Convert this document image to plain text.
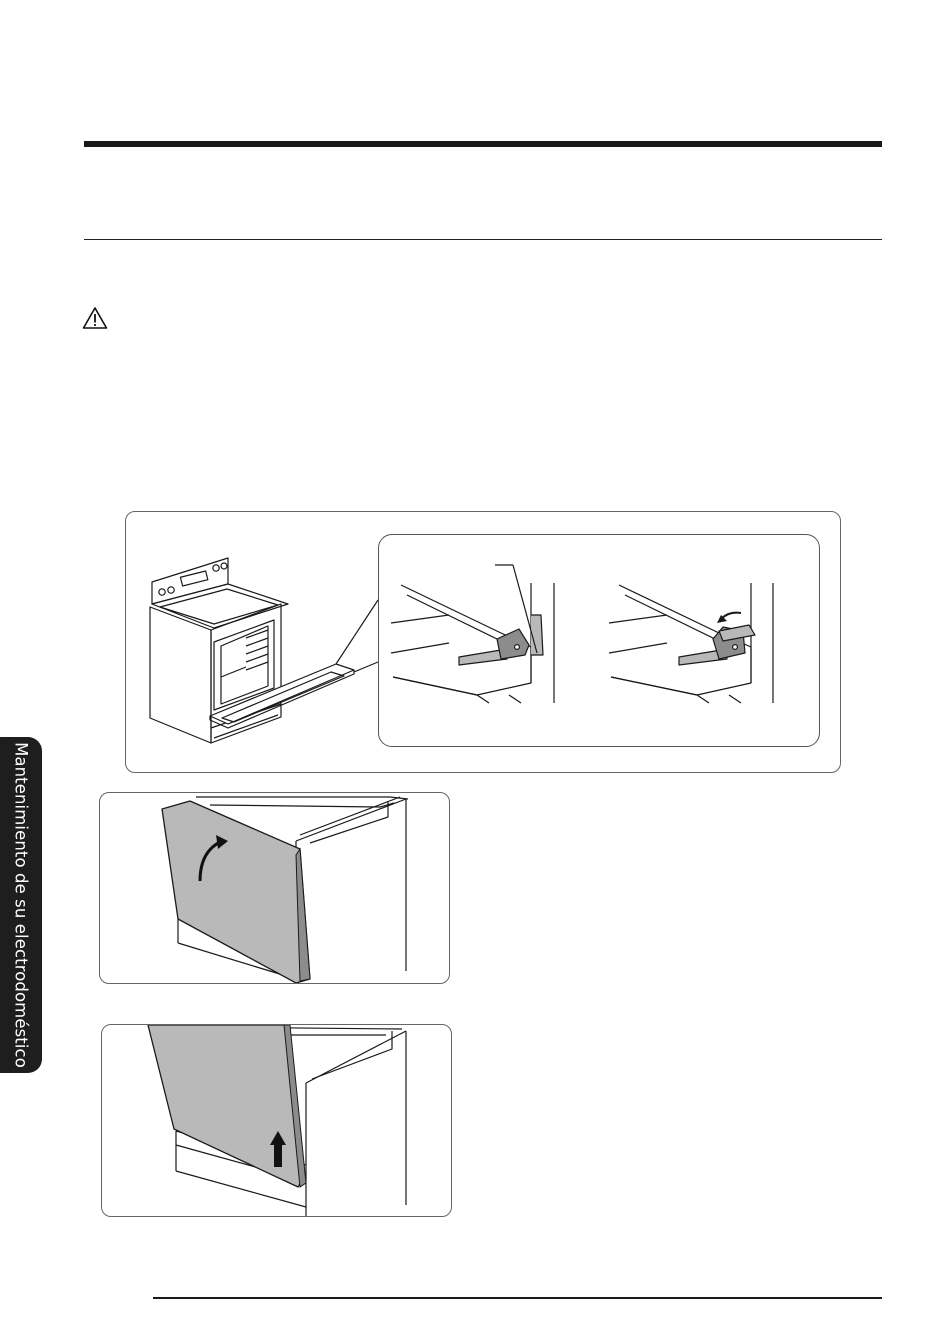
Mantenimiento de su electrodoméstico
